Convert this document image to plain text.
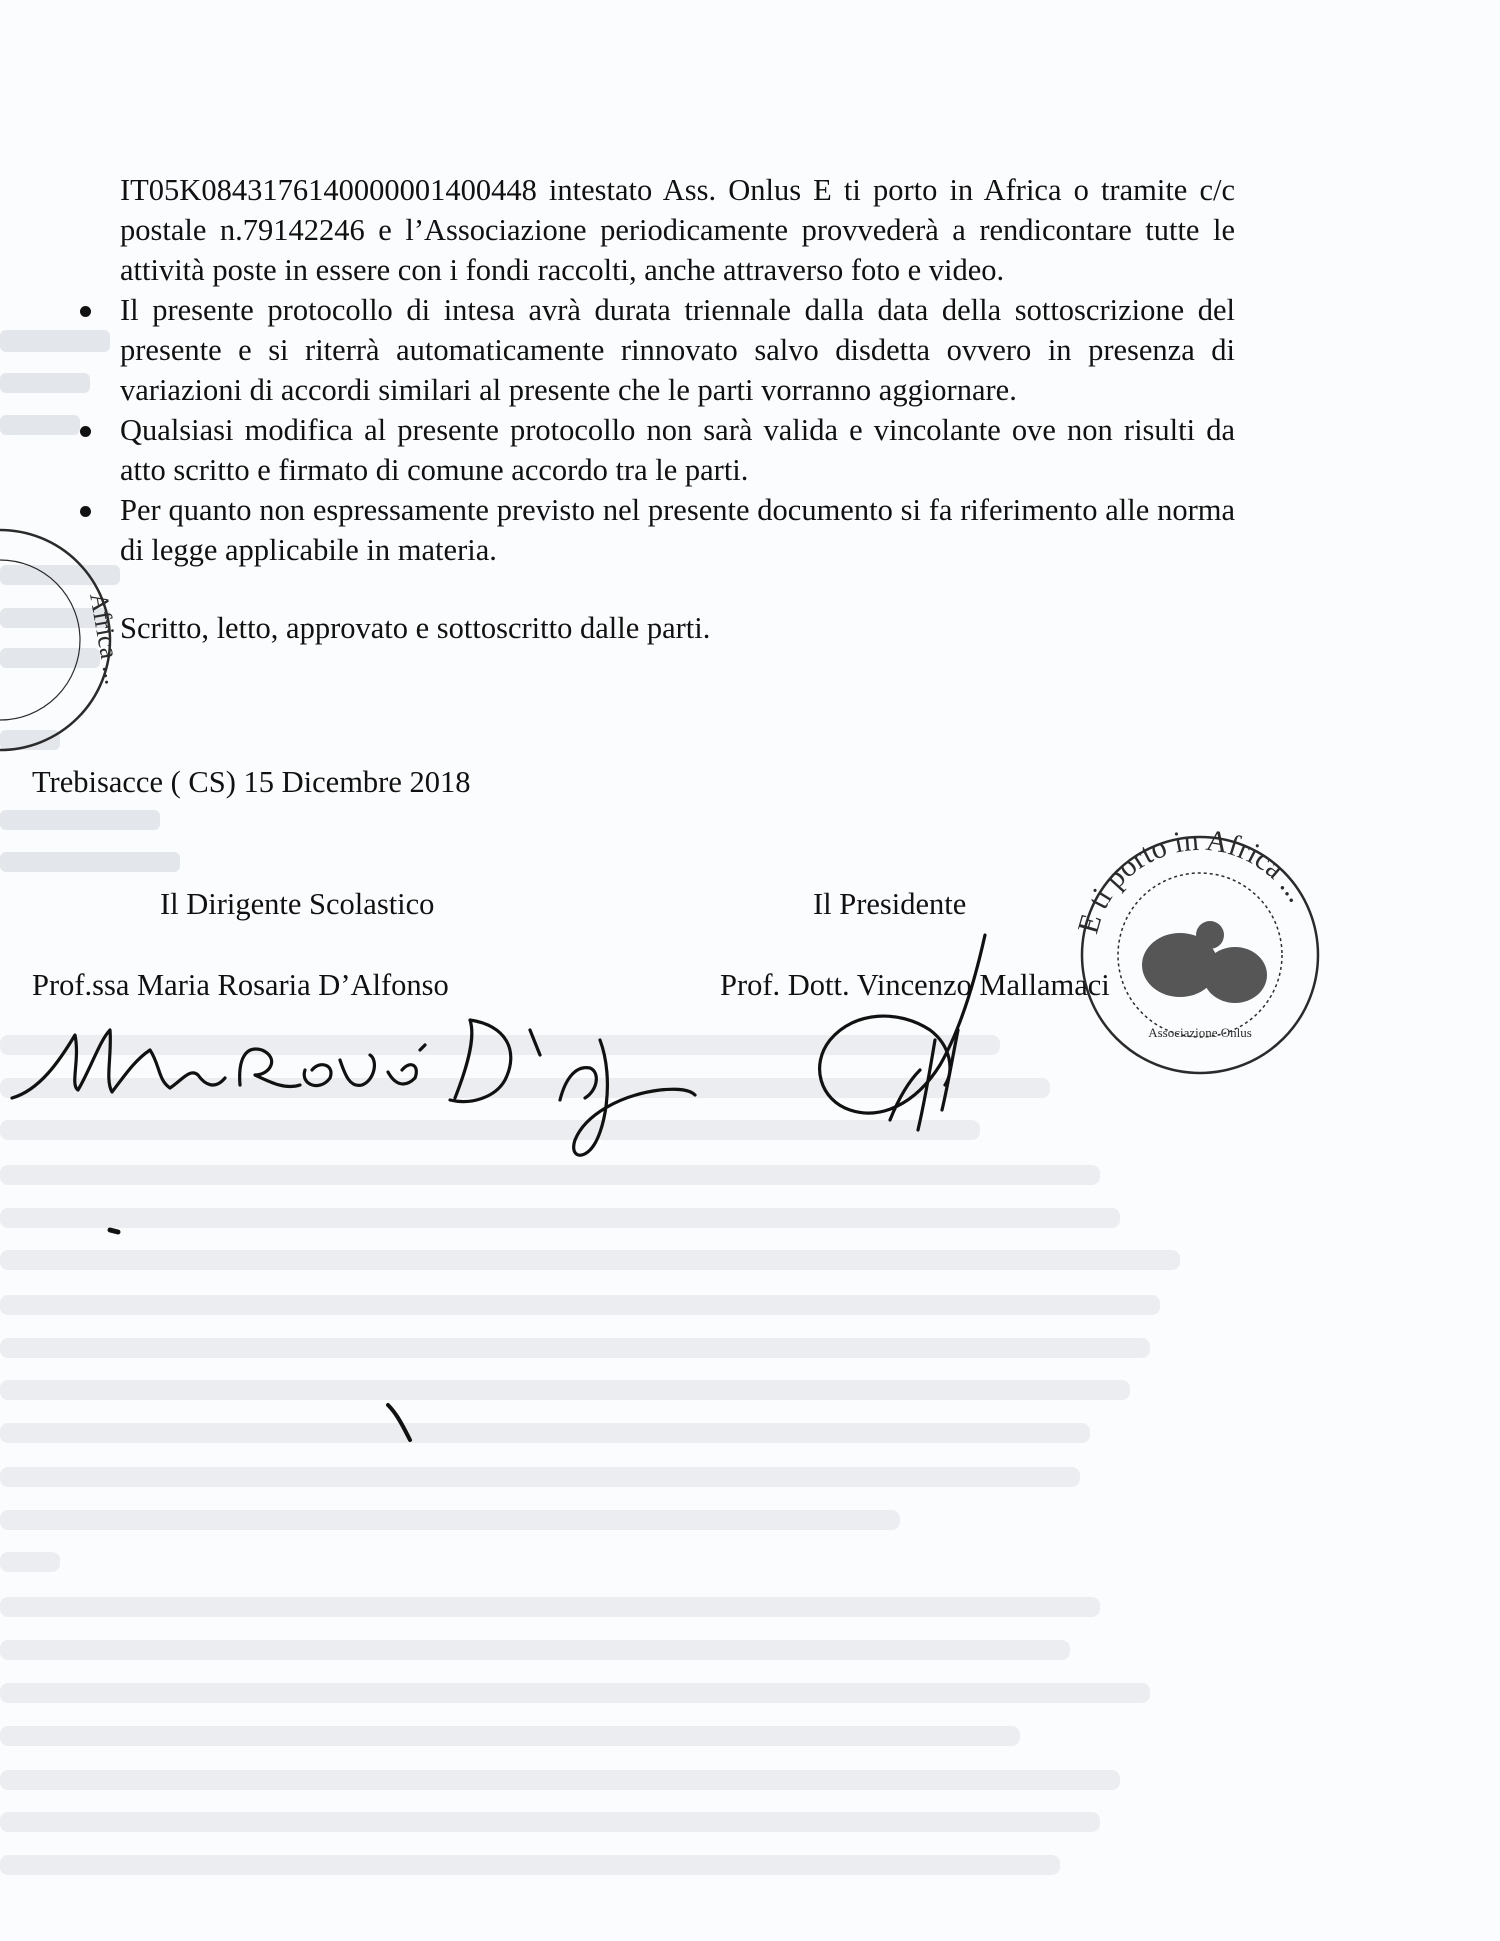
IT05K0843176140000001400448 intestato Ass. Onlus E ti porto in Africa o tramite c/c postale n.79142246 e l’Associazione periodicamente provvederà a rendicontare tutte le attività poste in essere con i fondi raccolti, anche attraverso foto e video.

Il presente protocollo di intesa avrà durata triennale dalla data della sottoscrizione del presente e si riterrà automaticamente rinnovato salvo disdetta ovvero in presenza di variazioni di accordi similari al presente che le parti vorranno aggiornare.
Qualsiasi modifica al presente protocollo non sarà valida e vincolante ove non risulti da atto scritto e firmato di comune accordo tra le parti.
Per quanto non espressamente previsto nel presente documento si fa riferimento alle norma di legge applicabile in materia.

Scritto, letto, approvato e sottoscritto dalle parti.

Trebisacce ( CS) 15 Dicembre 2018
Il Dirigente Scolastico	Il Presidente
Prof.ssa Maria Rosaria D’Alfonso	Prof. Dott. Vincenzo Mallamaci
E ti porto in Africa ...
Associazione Onlus
Africa ...
